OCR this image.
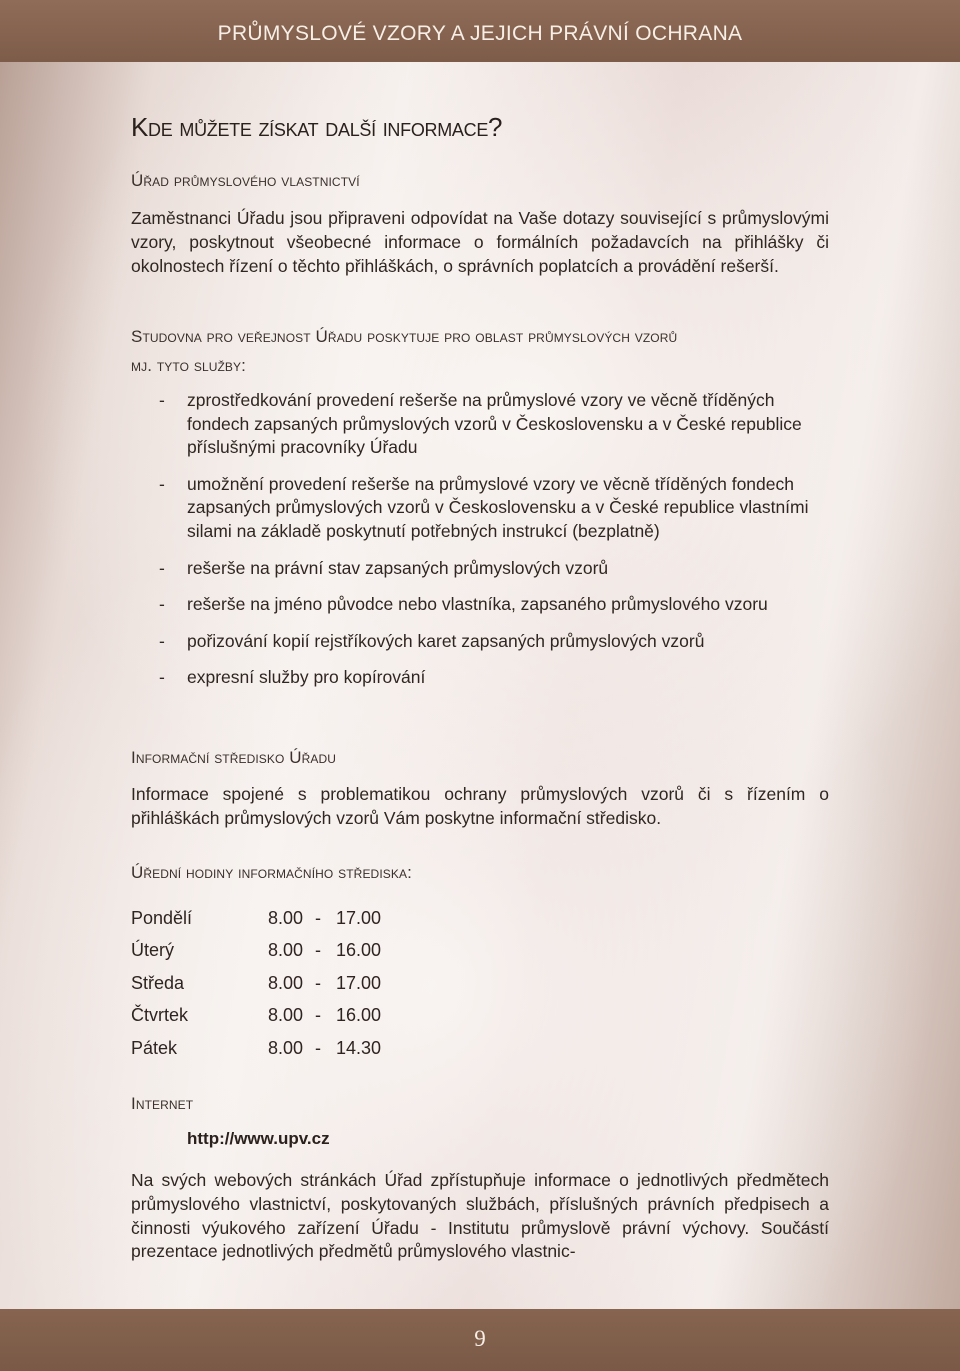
PRŮMYSLOVÉ VZORY A JEJICH PRÁVNÍ OCHRANA
Kde můžete získat další informace?
Úřad průmyslového vlastnictví
Zaměstnanci Úřadu jsou připraveni odpovídat na Vaše dotazy související s průmyslovými vzory, poskytnout všeobecné informace o formálních požadavcích na přihlášky či okolnostech řízení o těchto přihláškách, o správních poplatcích a provádění rešerší.
Studovna pro veřejnost Úřadu poskytuje pro oblast průmyslových vzorů
mj. tyto služby:
- zprostředkování provedení rešerše na průmyslové vzory ve věcně tříděných fondech zapsaných průmyslových vzorů v Československu a v České republice příslušnými pracovníky Úřadu
- umožnění provedení rešerše na průmyslové vzory ve věcně tříděných fondech zapsaných průmyslových vzorů v Československu a v České republice vlastními silami na základě poskytnutí potřebných instrukcí (bezplatně)
- rešerše na právní stav zapsaných průmyslových vzorů
- rešerše na jméno původce nebo vlastníka, zapsaného průmyslového vzoru
- pořizování kopií rejstříkových karet zapsaných průmyslových vzorů
- expresní služby pro kopírování
Informační středisko Úřadu
Informace spojené s problematikou ochrany průmyslových vzorů či s řízením o přihláškách průmyslových vzorů Vám poskytne informační středisko.
Úřední hodiny informačního střediska:
Pondělí	8.00 - 17.00
Úterý	8.00 - 16.00
Středa	8.00 - 17.00
Čtvrtek	8.00 - 16.00
Pátek	8.00 - 14.30
Internet
http://www.upv.cz
Na svých webových stránkách Úřad zpřístupňuje informace o jednotlivých předmětech průmyslového vlastnictví, poskytovaných službách, příslušných právních předpisech a činnosti výukového zařízení Úřadu - Institutu průmyslově právní výchovy. Součástí prezentace jednotlivých předmětů průmyslového vlastnic-
9
